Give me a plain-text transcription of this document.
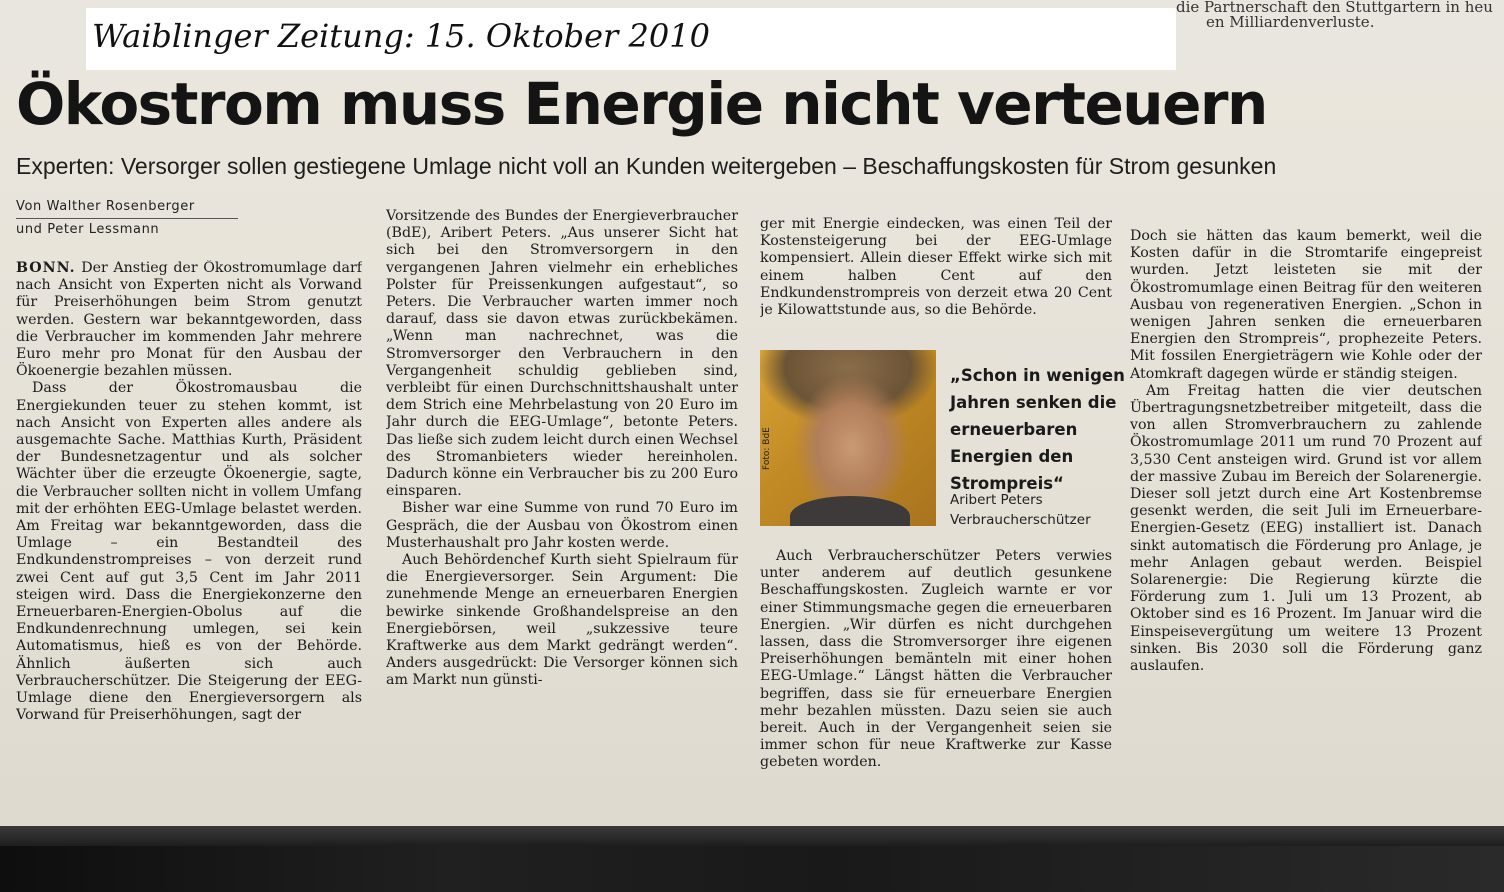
die Partnerschaft den Stuttgartern in heu
en Milliardenverluste.
Waiblinger Zeitung: 15. Oktober 2010
Ökostrom muss Energie nicht verteuern
Experten: Versorger sollen gestiegene Umlage nicht voll an Kunden weitergeben – Beschaffungskosten für Strom gesunken
Von Walther Rosenberger
und Peter Lessmann

BONN. Der Anstieg der Ökostromumlage darf nach Ansicht von Experten nicht als Vorwand für Preiserhöhungen beim Strom genutzt werden. Gestern war bekanntgeworden, dass die Verbraucher im kommenden Jahr mehrere Euro mehr pro Monat für den Ausbau der Ökoenergie bezahlen müssen.

Dass der Ökostromausbau die Energiekunden teuer zu stehen kommt, ist nach Ansicht von Experten alles andere als ausgemachte Sache. Matthias Kurth, Präsident der Bundesnetzagentur und als solcher Wächter über die erzeugte Ökoenergie, sagte, die Verbraucher sollten nicht in vollem Umfang mit der erhöhten EEG-Umlage belastet werden. Am Freitag war bekanntgeworden, dass die Umlage – ein Bestandteil des Endkundenstrompreises – von derzeit rund zwei Cent auf gut 3,5 Cent im Jahr 2011 steigen wird. Dass die Energiekonzerne den Erneuerbaren-Energien-Obolus auf die Endkundenrechnung umlegen, sei kein Automatismus, hieß es von der Behörde. Ähnlich äußerten sich auch Verbraucherschützer. Die Steigerung der EEG-Umlage diene den Energieversorgern als Vorwand für Preiserhöhungen, sagt der

Vorsitzende des Bundes der Energieverbraucher (BdE), Aribert Peters. „Aus unserer Sicht hat sich bei den Stromversorgern in den vergangenen Jahren vielmehr ein erhebliches Polster für Preissenkungen aufgestaut“, so Peters. Die Verbraucher warten immer noch darauf, dass sie davon etwas zurückbekämen. „Wenn man nachrechnet, was die Stromversorger den Verbrauchern in den Vergangenheit schuldig geblieben sind, verbleibt für einen Durchschnittshaushalt unter dem Strich eine Mehrbelastung von 20 Euro im Jahr durch die EEG-Umlage“, betonte Peters. Das ließe sich zudem leicht durch einen Wechsel des Stromanbieters wieder hereinholen. Dadurch könne ein Verbraucher bis zu 200 Euro einsparen.

Bisher war eine Summe von rund 70 Euro im Gespräch, die der Ausbau von Ökostrom einen Musterhaushalt pro Jahr kosten werde.

Auch Behördenchef Kurth sieht Spielraum für die Energieversorger. Sein Argument: Die zunehmende Menge an erneuerbaren Energien bewirke sinkende Großhandelspreise an den Energiebörsen, weil „sukzessive teure Kraftwerke aus dem Markt gedrängt werden“. Anders ausgedrückt: Die Versorger können sich am Markt nun günsti-

ger mit Energie eindecken, was einen Teil der Kostensteigerung bei der EEG-Umlage kompensiert. Allein dieser Effekt wirke sich mit einem halben Cent auf den Endkundenstrompreis von derzeit etwa 20 Cent je Kilowattstunde aus, so die Behörde.

Foto: BdE
„Schon in wenigen Jahren senken die erneuerbaren Energien den Strompreis“
Aribert Peters
Verbraucherschützer

Auch Verbraucherschützer Peters verwies unter anderem auf deutlich gesunkene Beschaffungskosten. Zugleich warnte er vor einer Stimmungsmache gegen die erneuerbaren Energien. „Wir dürfen es nicht durchgehen lassen, dass die Stromversorger ihre eigenen Preiserhöhungen bemänteln mit einer hohen EEG-Umlage.“ Längst hätten die Verbraucher begriffen, dass sie für erneuerbare Energien mehr bezahlen müssten. Dazu seien sie auch bereit. Auch in der Vergangenheit seien sie immer schon für neue Kraftwerke zur Kasse gebeten worden.

Doch sie hätten das kaum bemerkt, weil die Kosten dafür in die Stromtarife eingepreist wurden. Jetzt leisteten sie mit der Ökostromumlage einen Beitrag für den weiteren Ausbau von regenerativen Energien. „Schon in wenigen Jahren senken die erneuerbaren Energien den Strompreis“, prophezeite Peters. Mit fossilen Energieträgern wie Kohle oder der Atomkraft dagegen würde er ständig steigen.

Am Freitag hatten die vier deutschen Übertragungsnetzbetreiber mitgeteilt, dass die von allen Stromverbrauchern zu zahlende Ökostromumlage 2011 um rund 70 Prozent auf 3,530 Cent ansteigen wird. Grund ist vor allem der massive Zubau im Bereich der Solarenergie. Dieser soll jetzt durch eine Art Kostenbremse gesenkt werden, die seit Juli im Erneuerbare-Energien-Gesetz (EEG) installiert ist. Danach sinkt automatisch die Förderung pro Anlage, je mehr Anlagen gebaut werden. Beispiel Solarenergie: Die Regierung kürzte die Förderung zum 1. Juli um 13 Prozent, ab Oktober sind es 16 Prozent. Im Januar wird die Einspeisevergütung um weitere 13 Prozent sinken. Bis 2030 soll die Förderung ganz auslaufen.
